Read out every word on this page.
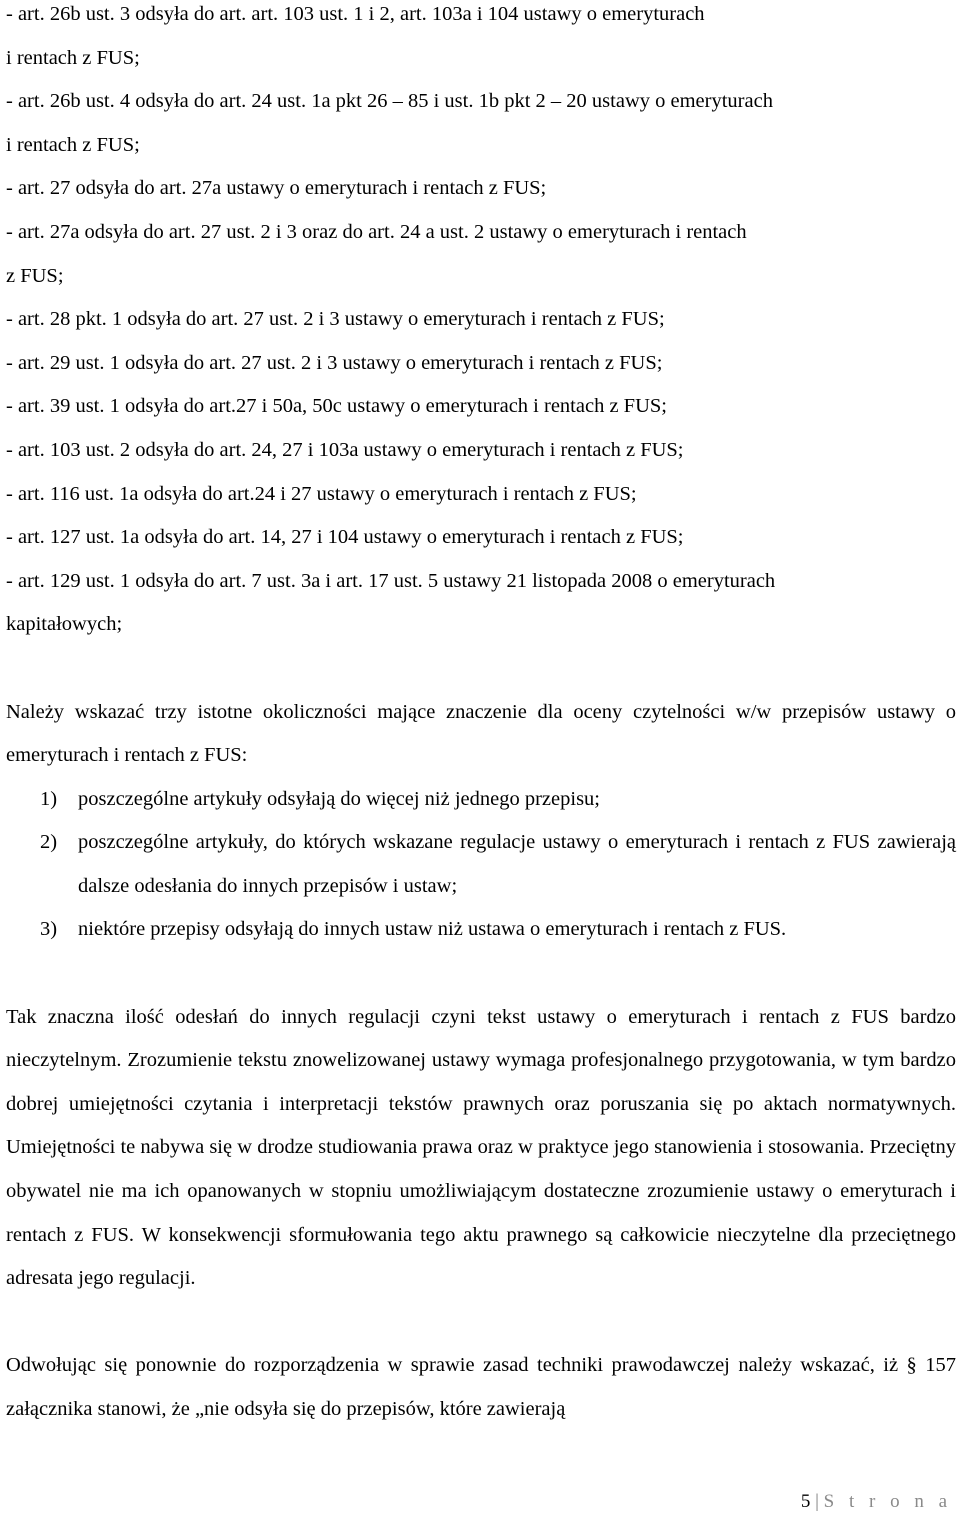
- art. 26b ust. 3 odsyła do art. art. 103 ust. 1 i 2, art. 103a i 104 ustawy o emeryturach
i rentach z FUS;
- art. 26b ust. 4 odsyła do art. 24 ust. 1a pkt 26 – 85 i ust. 1b pkt 2 – 20 ustawy o emeryturach
i rentach z FUS;
- art. 27 odsyła do art. 27a ustawy o emeryturach i rentach z FUS;
- art. 27a odsyła do art. 27 ust. 2 i 3 oraz do art. 24 a ust. 2 ustawy o emeryturach i rentach
z FUS;
- art. 28 pkt. 1 odsyła do art. 27 ust. 2 i 3 ustawy o emeryturach i rentach z FUS;
- art. 29 ust. 1 odsyła do art. 27 ust. 2 i 3 ustawy o emeryturach i rentach z FUS;
- art. 39 ust. 1 odsyła do art.27 i 50a, 50c ustawy o emeryturach i rentach z FUS;
- art. 103 ust. 2 odsyła do art. 24, 27 i 103a ustawy o emeryturach i rentach z FUS;
- art. 116 ust. 1a odsyła do art.24 i 27 ustawy o emeryturach i rentach z FUS;
- art. 127 ust. 1a odsyła do art. 14, 27 i 104 ustawy o emeryturach i rentach z FUS;
- art. 129 ust. 1 odsyła do art. 7 ust. 3a i art. 17 ust. 5 ustawy 21 listopada 2008 o emeryturach
kapitałowych;
Należy wskazać trzy istotne okoliczności mające znaczenie dla oceny czytelności w/w przepisów ustawy o emeryturach i rentach z FUS:
1) poszczególne artykuły odsyłają do więcej niż jednego przepisu;
2) poszczególne artykuły, do których wskazane regulacje ustawy o emeryturach i rentach z FUS zawierają dalsze odesłania do innych przepisów i ustaw;
3) niektóre przepisy odsyłają do innych ustaw niż ustawa o emeryturach i rentach z FUS.
Tak znaczna ilość odesłań do innych regulacji czyni tekst ustawy o emeryturach i rentach z FUS bardzo nieczytelnym. Zrozumienie tekstu znowelizowanej ustawy wymaga profesjonalnego przygotowania, w tym bardzo dobrej umiejętności czytania i interpretacji tekstów prawnych oraz poruszania się po aktach normatywnych. Umiejętności te nabywa się w drodze studiowania prawa oraz w praktyce jego stanowienia i stosowania. Przeciętny obywatel nie ma ich opanowanych w stopniu umożliwiającym dostateczne zrozumienie ustawy o emeryturach i rentach z FUS. W konsekwencji sformułowania tego aktu prawnego są całkowicie nieczytelne dla przeciętnego adresata jego regulacji.
Odwołując się ponownie do rozporządzenia w sprawie zasad techniki prawodawczej należy wskazać, iż § 157 załącznika stanowi, że „nie odsyła się do przepisów, które zawierają
5 | S t r o n a
